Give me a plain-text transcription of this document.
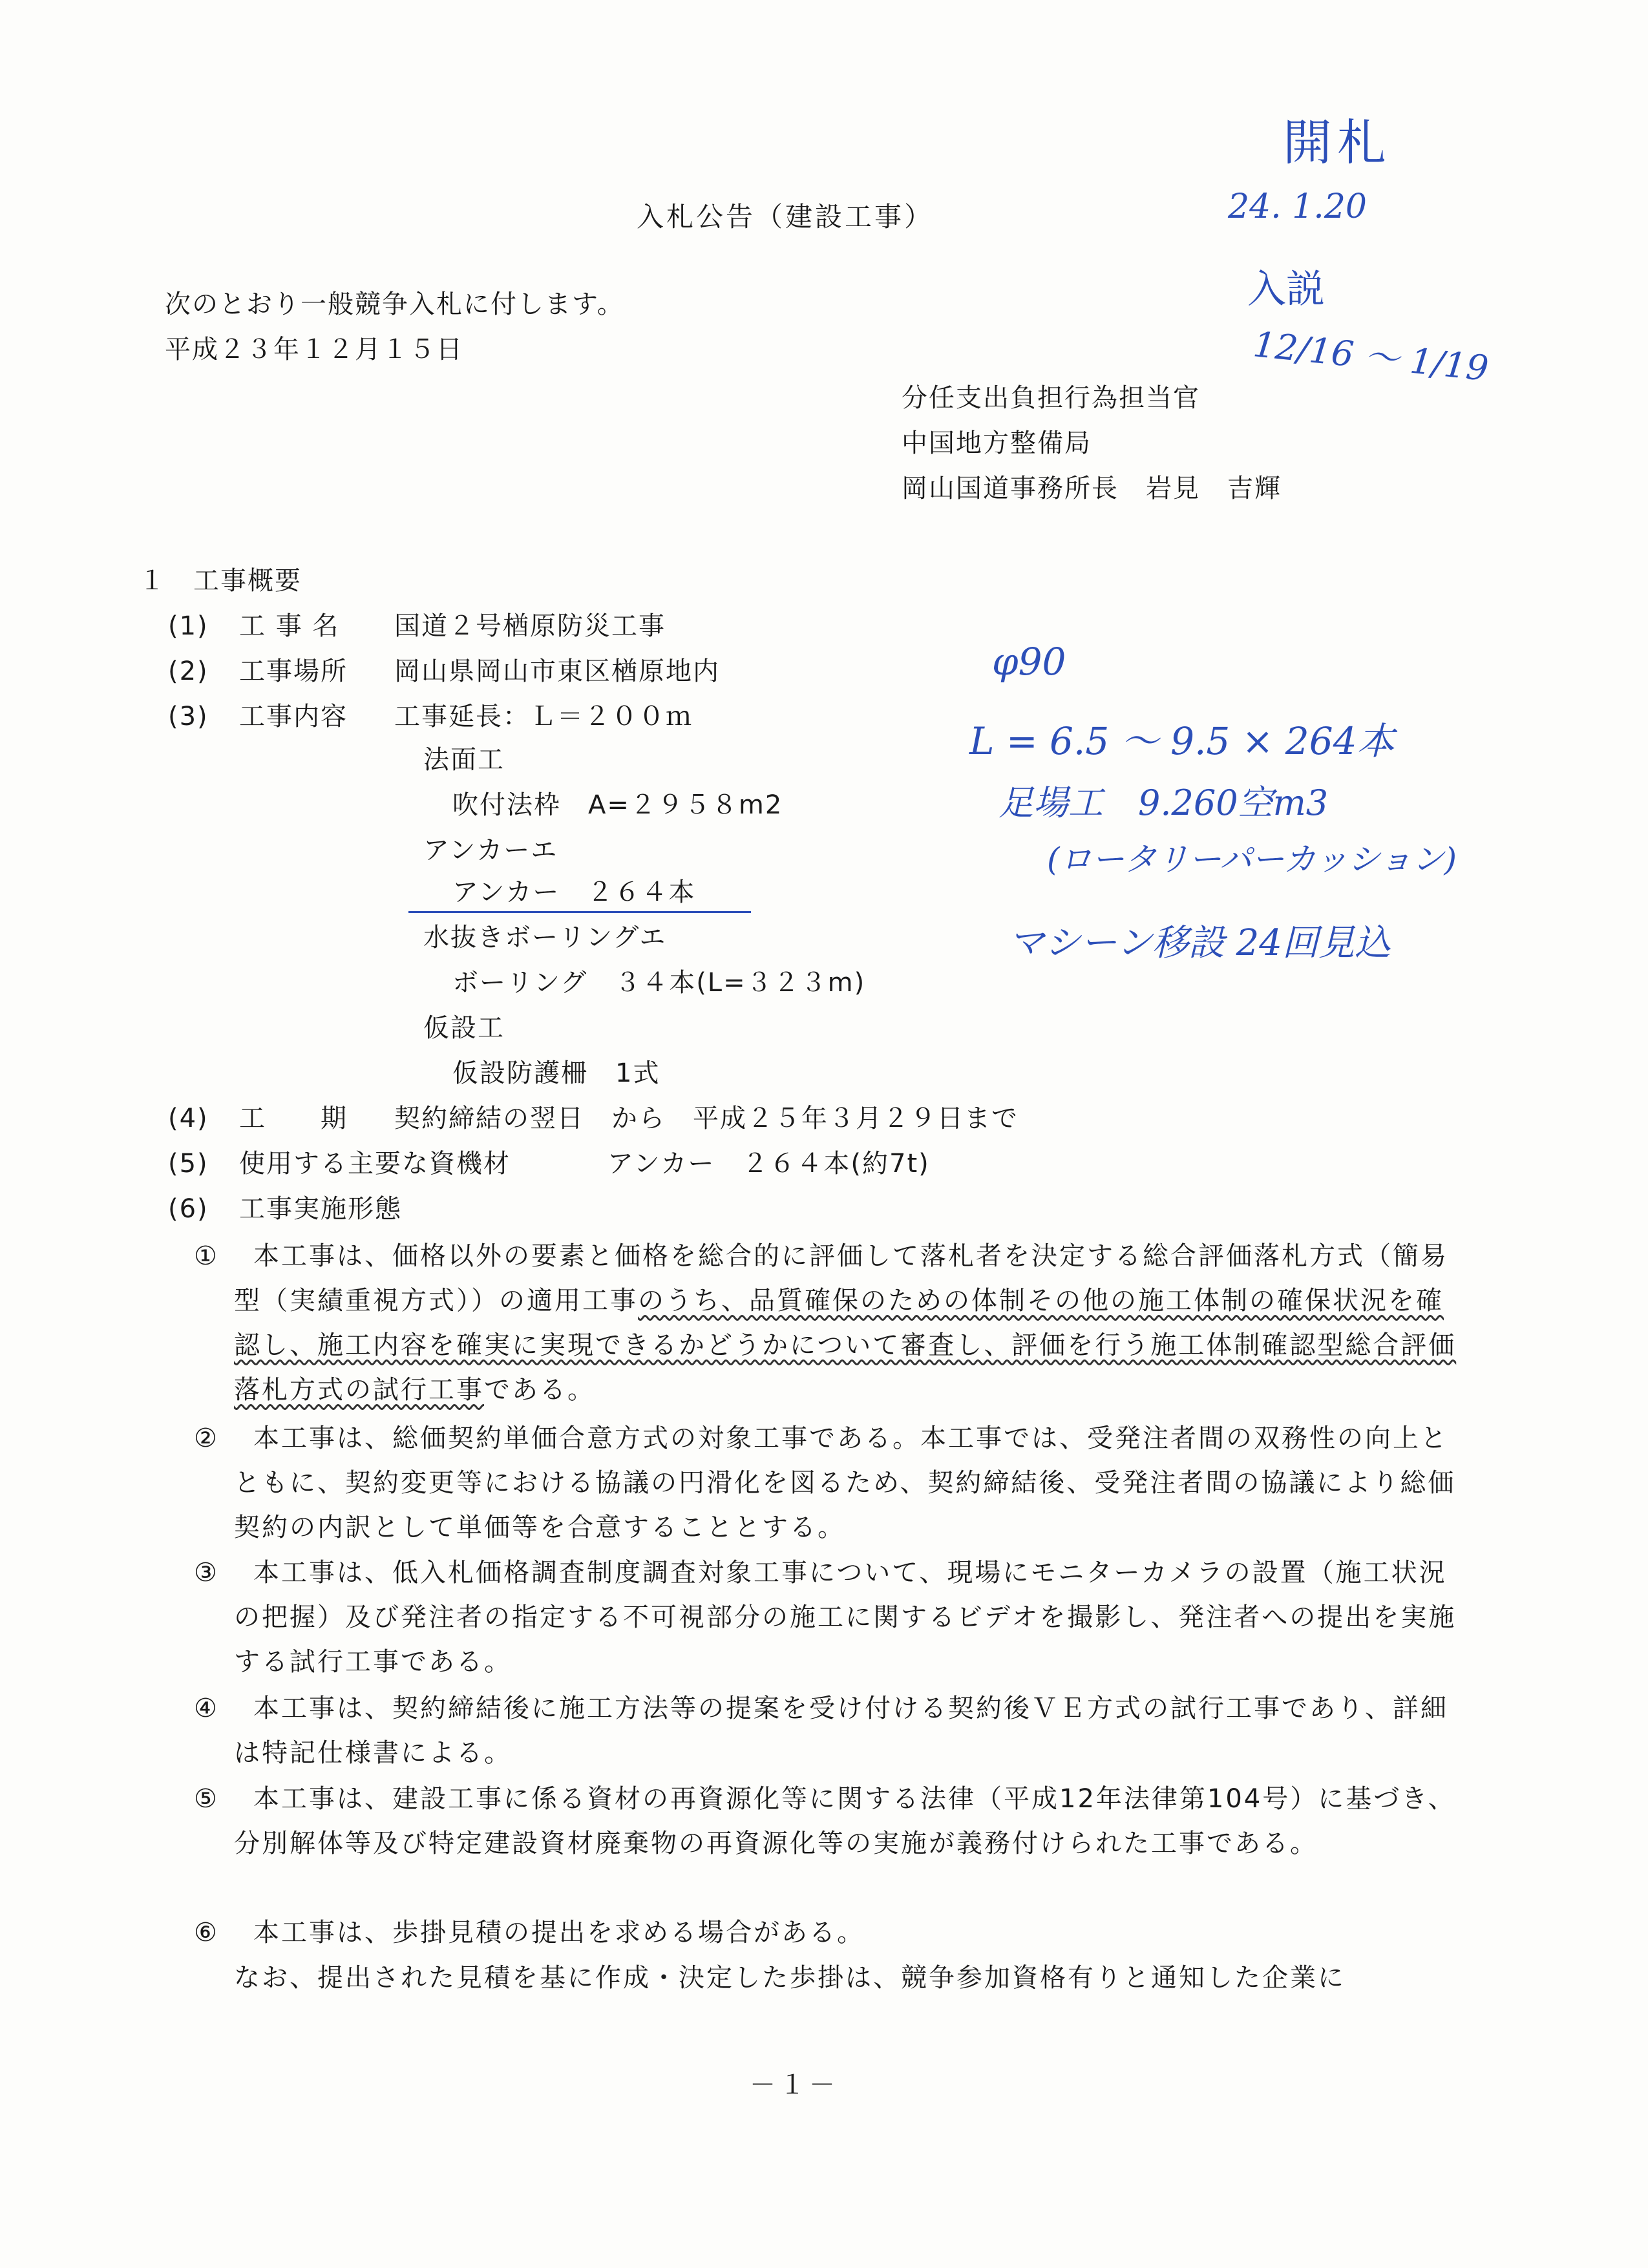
入札公告（建設工事）
次のとおり一般競争入札に付します。
平成２３年１２月１５日
分任支出負担行為担当官
中国地方整備局
岡山国道事務所長　岩見　吉輝
１　工事概要
(1) 工 事 名 国道２号楢原防災工事
(2) 工事場所 岡山県岡山市東区楢原地内
(3) 工事内容 工事延長：Ｌ＝２００ｍ
法面工
吹付法枠　A=２９５８m2
アンカーエ
アンカー　２６４本
水抜きボーリングエ
ボーリング　３４本(L=３２３m)
仮設工
仮設防護柵　1式
(4) 工　　期 契約締結の翌日　から　平成２５年３月２９日まで
(5) 使用する主要な資機材	アンカー　２６４本(約7t)
(6) 工事実施形態
①	本工事は、価格以外の要素と価格を総合的に評価して落札者を決定する総合評価落札方式（簡易型（実績重視方式））の適用工事のうち、品質確保のための体制その他の施工体制の確保状況を確認し、施工内容を確実に実現できるかどうかについて審査し、評価を行う施工体制確認型総合評価落札方式の試行工事である。
②	本工事は、総価契約単価合意方式の対象工事である。本工事では、受発注者間の双務性の向上とともに、契約変更等における協議の円滑化を図るため、契約締結後、受発注者間の協議により総価契約の内訳として単価等を合意することとする。
③	本工事は、低入札価格調査制度調査対象工事について、現場にモニターカメラの設置（施工状況の把握）及び発注者の指定する不可視部分の施工に関するビデオを撮影し、発注者への提出を実施する試行工事である。
④	本工事は、契約締結後に施工方法等の提案を受け付ける契約後ＶＥ方式の試行工事であり、詳細は特記仕様書による。
⑤	本工事は、建設工事に係る資材の再資源化等に関する法律（平成12年法律第104号）に基づき、分別解体等及び特定建設資材廃棄物の再資源化等の実施が義務付けられた工事である。
⑥	本工事は、歩掛見積の提出を求める場合がある。
なお、提出された見積を基に作成・決定した歩掛は、競争参加資格有りと通知した企業に
開札
24. 1.20
入説
12/16 ～ 1/19
φ90
L = 6.5 ～ 9.5 × 264本
足場工　9.260空m3
(ロータリーパーカッション)
マシーン移設 24回見込
－１－
